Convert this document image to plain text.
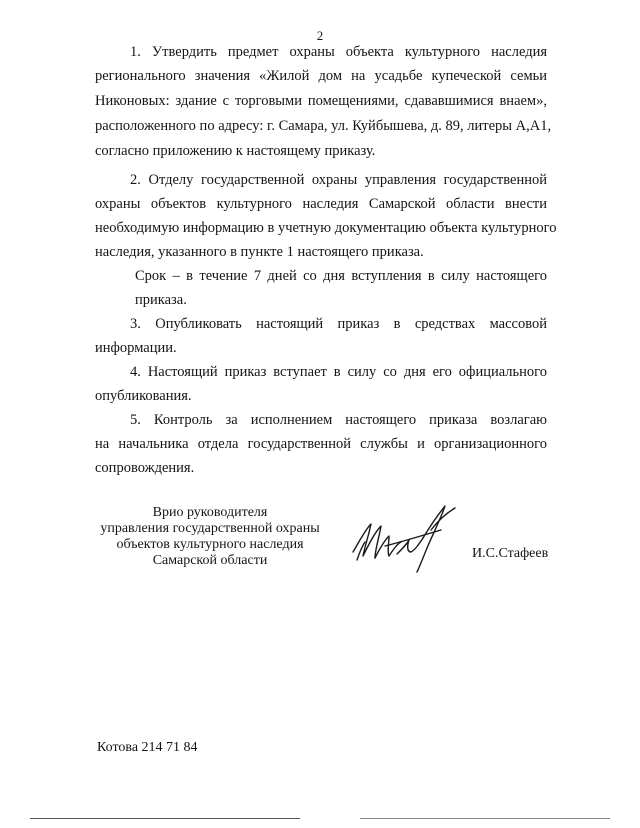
2
1. Утвердить предмет охраны объекта культурного наследия
регионального значения «Жилой дом на усадьбе купеческой семьи
Никоновых: здание с торговыми помещениями, сдававшимися внаем»,
расположенного по адресу: г. Самара, ул. Куйбышева, д. 89, литеры А,А1,
согласно приложению к настоящему приказу.
2. Отделу государственной охраны управления государственной
охраны объектов культурного наследия Самарской области внести
необходимую информацию в учетную документацию объекта культурного
наследия, указанного в пункте 1 настоящего приказа.
Срок – в течение 7 дней со дня вступления в силу настоящего
приказа.
3. Опубликовать настоящий приказ в средствах массовой
информации.
4. Настоящий приказ вступает в силу со дня его официального
опубликования.
5. Контроль за исполнением настоящего приказа возлагаю
на начальника отдела государственной службы и организационного
сопровождения.
Врио руководителя
управления государственной охраны
объектов культурного наследия
Самарской области	И.С.Стафеев
Котова 214 71 84
